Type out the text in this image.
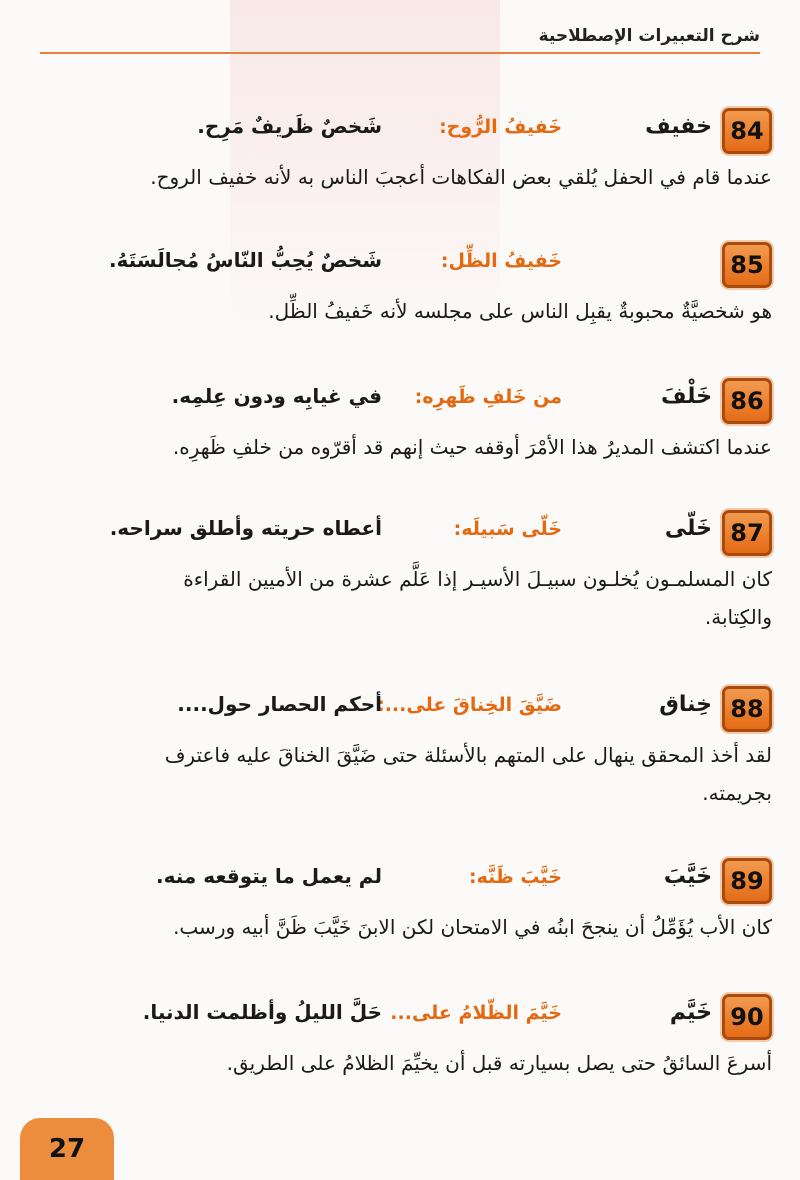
شرح التعبيرات الإصطلاحية
84
خفيف
خَفيفُ الرُّوح:
شَخصٌ ظَريفٌ مَرِح.
عندما قام في الحفل يُلقي بعض الفكاهات أعجبَ الناس به لأنه خفيف الروح.
85
خَفيفُ الظِّل:
شَخصٌ يُحِبُّ النّاسُ مُجالَسَتَهُ.
هو شخصيَّةٌ محبوبةٌ يقبِل الناس على مجلسه لأنه خَفيفُ الظِّل.
86
خَلْفَ
من خَلفِ ظَهرِه:
في غيابِه ودون عِلمِه.
عندما اكتشف المديرُ هذا الأمْرَ أوقفه حيث إنهم قد أقرّوه من خلفِ ظَهرِه.
87
خَلّى
خَلّى سَبيلَه:
أعطاه حريته وأطلق سراحه.
كان المسلمـون يُخلـون سبيـلَ الأسيـر إذا عَلَّم عشرة من الأميين القراءة
والكِتابة.
88
خِناق
ضَيَّقَ الخِناقَ على...:
أحكم الحصار حول....
لقد أخذ المحقق ينهال على المتهم بالأسئلة حتى ضَيَّقَ الخناقَ عليه فاعترف
بجريمته.
89
خَيَّبَ
خَيَّبَ ظَنَّه:
لم يعمل ما يتوقعه منه.
كان الأب يُؤَمِّلُ أن ينجحَ ابنُه في الامتحان لكن الابنَ خَيَّبَ ظَنَّ أبيه ورسب.
90
خَيَّم
خَيَّمَ الظّلامُ على...
حَلَّ الليلُ وأظلمت الدنيا.
أسرعَ السائقُ حتى يصل بسيارته قبل أن يخيِّمَ الظلامُ على الطريق.
27
